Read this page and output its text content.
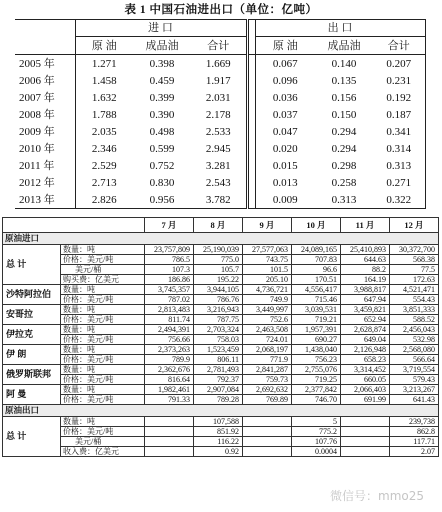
表 1 中国石油进出口（单位：亿吨）
	进 口				出 口		
	原 油	成品油	合计		原 油	成品油	合计
2005 年	1.271	0.398	1.669		0.067	0.140	0.207
2006 年	1.458	0.459	1.917		0.096	0.135	0.231
2007 年	1.632	0.399	2.031		0.036	0.156	0.192
2008 年	1.788	0.390	2.178		0.037	0.150	0.187
2009 年	2.035	0.498	2.533		0.047	0.294	0.341
2010 年	2.346	0.599	2.945		0.020	0.294	0.314
2011 年	2.529	0.752	3.281		0.015	0.298	0.313
2012 年	2.713	0.830	2.543		0.013	0.258	0.271
2013 年	2.826	0.956	3.782		0.009	0.313	0.322
		7 月	8 月	9 月	10 月	11 月	12 月
原油进口							
总 计	数量：吨	23,757,809	25,190,039	27,577,063	24,089,165	25,410,893	30,372,700
	价格：美元/吨	786.5	775.0	743.75	707.83	644.63	568.38
	美元/桶	107.3	105.7	101.5	96.6	88.2	77.5
	购买费：亿美元	186.86	195.22	205.10	170.51	164.19	172.63
沙特阿拉伯	数量：吨	3,745,357	3,944,105	4,736,721	4,556,417	3,988,817	4,521,471
	价格：美元/吨	787.02	786.76	749.9	715.46	647.94	554.43
安哥拉	数量：吨	2,813,483	3,216,943	3,449,997	3,039,531	3,459,821	3,851,333
	价格：美元/吨	811.74	787.75	752.6	719.21	652.94	588.52
伊拉克	数量：吨	2,494,391	2,703,324	2,463,508	1,957,391	2,628,874	2,456,043
	价格：美元/吨	756.66	758.03	724.01	690.27	649.04	532.98
伊 朗	数量：吨	2,373,263	1,523,459	2,068,197	1,438,040	2,126,948	2,568,080
	价格：美元/吨	789.9	806.11	771.9	756.23	658.23	566.64
俄罗斯联邦	数量：吨	2,362,676	2,781,493	2,841,287	2,755,076	3,314,452	3,719,554
	价格：美元/吨	816.64	792.37	759.73	719.25	660.05	579.43
阿 曼	数量：吨	1,982,461	2,907,084	2,692,632	2,377,842	2,066,403	3,213,267
	价格：美元/吨	791.33	789.28	769.89	746.70	691.99	641.43
原油出口							
总 计	数量：吨		107,588		5		239,738
	价格：美元/吨		851.92		775.2		862.8
	美元/桶		116.22		107.76		117.71
	收入费：亿美元		0.92		0.0004		2.07
微信号：mmo25
